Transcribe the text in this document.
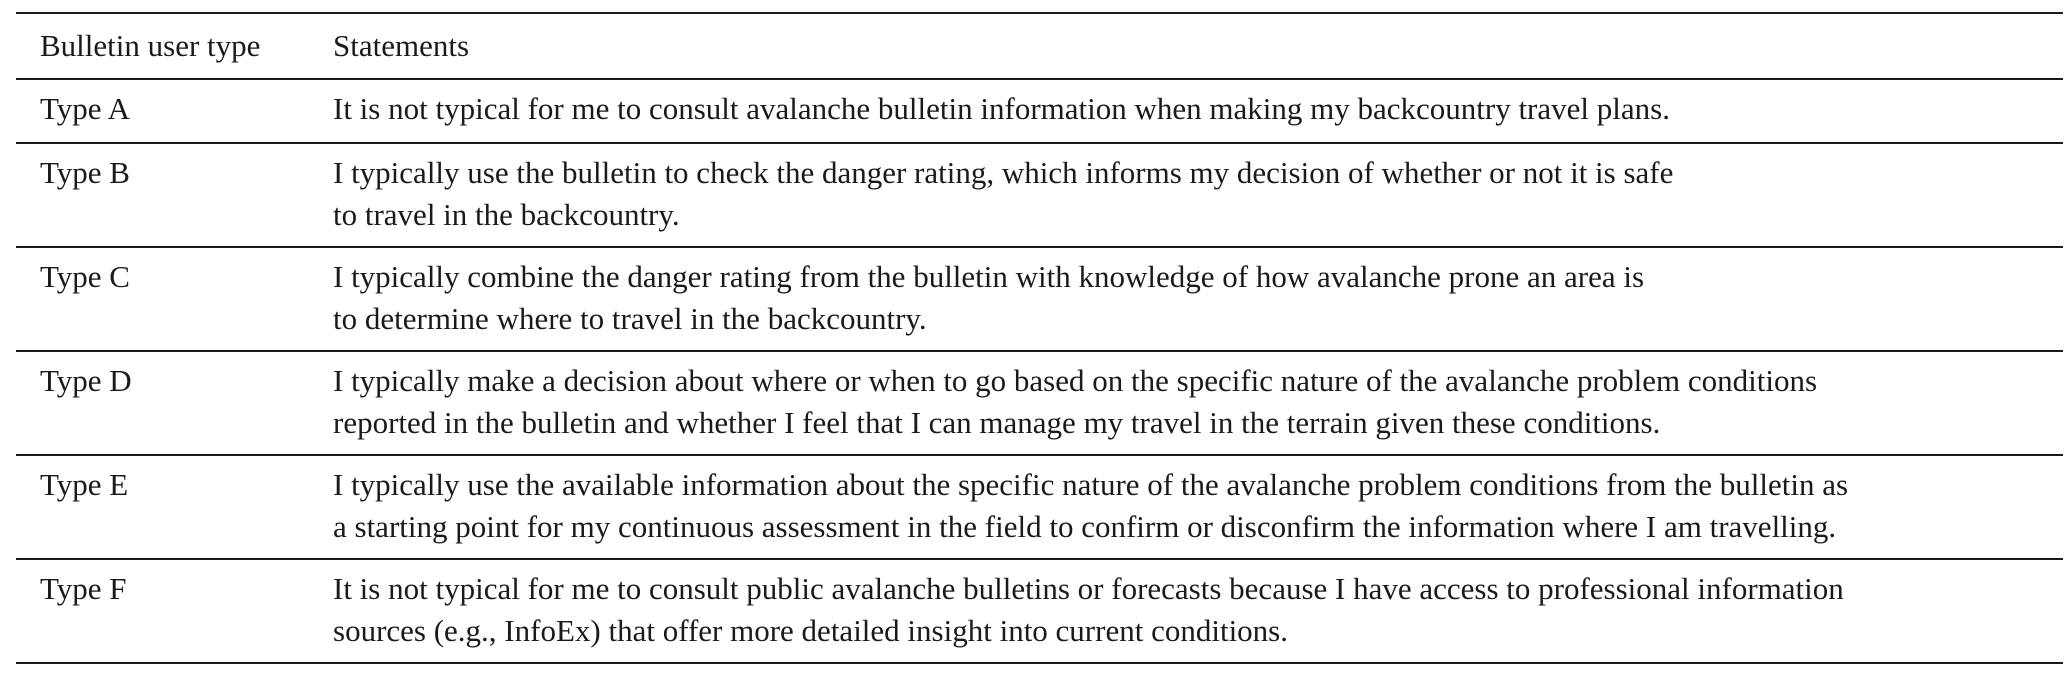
Bulletin user type	Statements
Type A	It is not typical for me to consult avalanche bulletin information when making my backcountry travel plans.

Type B	I typically use the bulletin to check the danger rating, which informs my decision of whether or not it is safe
to travel in the backcountry.

Type C	I typically combine the danger rating from the bulletin with knowledge of how avalanche prone an area is
to determine where to travel in the backcountry.

Type D	I typically make a decision about where or when to go based on the specific nature of the avalanche problem conditions
reported in the bulletin and whether I feel that I can manage my travel in the terrain given these conditions.

Type E	I typically use the available information about the specific nature of the avalanche problem conditions from the bulletin as
a starting point for my continuous assessment in the field to confirm or disconfirm the information where I am travelling.

Type F	It is not typical for me to consult public avalanche bulletins or forecasts because I have access to professional information
sources (e.g., InfoEx) that offer more detailed insight into current conditions.
